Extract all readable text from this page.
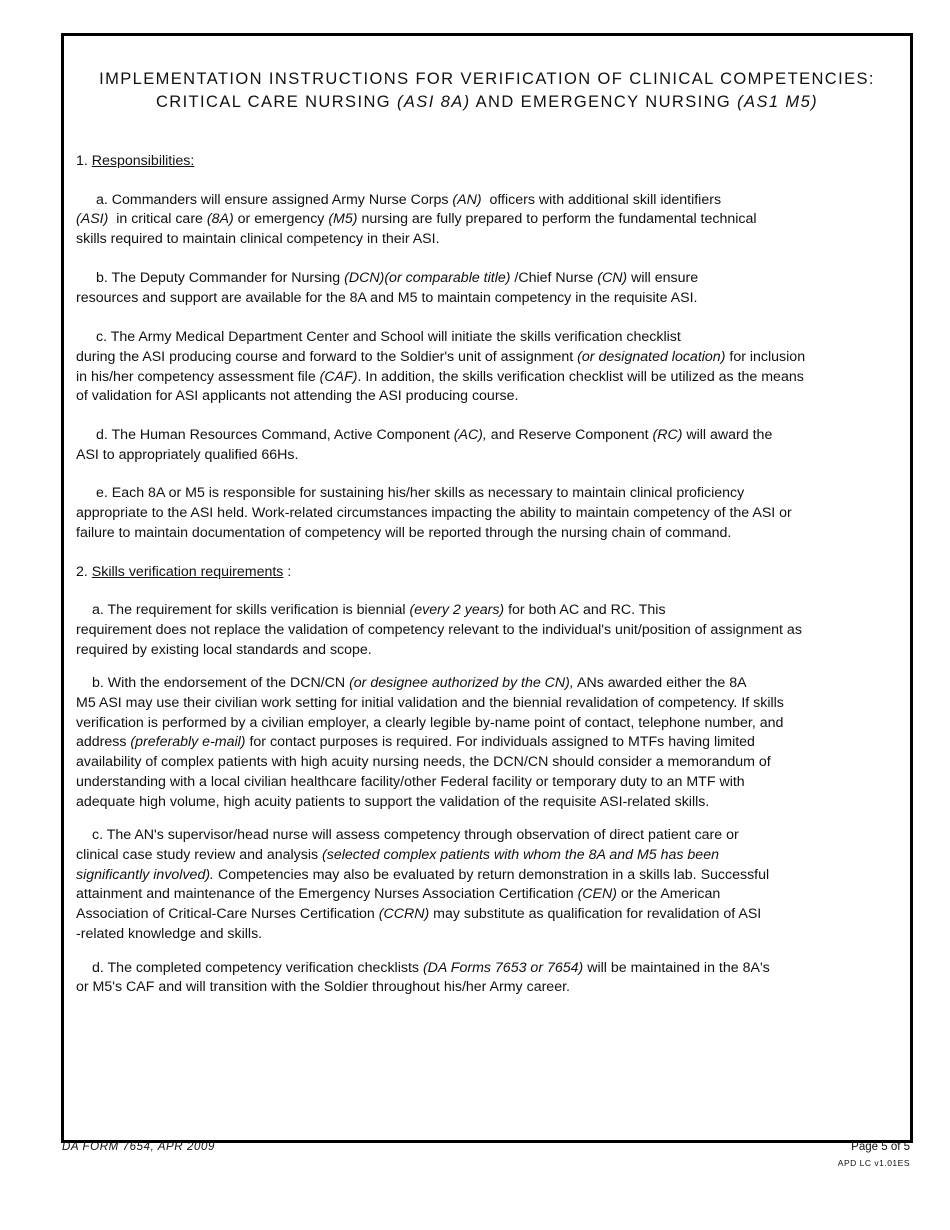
IMPLEMENTATION INSTRUCTIONS FOR VERIFICATION OF CLINICAL COMPETENCIES:
CRITICAL CARE NURSING (ASI 8A) AND EMERGENCY NURSING (AS1 M5)
1. Responsibilities:
a. Commanders will ensure assigned Army Nurse Corps (AN)  officers with additional skill identifiers
(ASI)  in critical care (8A) or emergency (M5) nursing are fully prepared to perform the fundamental technical
skills required to maintain clinical competency in their ASI.
b. The Deputy Commander for Nursing (DCN)(or comparable title) /Chief Nurse (CN) will ensure
resources and support are available for the 8A and M5 to maintain competency in the requisite ASI.
c. The Army Medical Department Center and School will initiate the skills verification checklist
during the ASI producing course and forward to the Soldier's unit of assignment (or designated location) for inclusion
in his/her competency assessment file (CAF). In addition, the skills verification checklist will be utilized as the means
of validation for ASI applicants not attending the ASI producing course.
d. The Human Resources Command, Active Component (AC), and Reserve Component (RC) will award the
ASI to appropriately qualified 66Hs.
e. Each 8A or M5 is responsible for sustaining his/her skills as necessary to maintain clinical proficiency
appropriate to the ASI held. Work-related circumstances impacting the ability to maintain competency of the ASI or
failure to maintain documentation of competency will be reported through the nursing chain of command.
2. Skills verification requirements :
a. The requirement for skills verification is biennial (every 2 years) for both AC and RC. This
requirement does not replace the validation of competency relevant to the individual's unit/position of assignment as
required by existing local standards and scope.
b. With the endorsement of the DCN/CN (or designee authorized by the CN), ANs awarded either the 8A
M5 ASI may use their civilian work setting for initial validation and the biennial revalidation of competency. If skills
verification is performed by a civilian employer, a clearly legible by-name point of contact, telephone number, and
address (preferably e-mail) for contact purposes is required. For individuals assigned to MTFs having limited
availability of complex patients with high acuity nursing needs, the DCN/CN should consider a memorandum of
understanding with a local civilian healthcare facility/other Federal facility or temporary duty to an MTF with
adequate high volume, high acuity patients to support the validation of the requisite ASI-related skills.
c. The AN's supervisor/head nurse will assess competency through observation of direct patient care or
clinical case study review and analysis (selected complex patients with whom the 8A and M5 has been
significantly involved). Competencies may also be evaluated by return demonstration in a skills lab. Successful
attainment and maintenance of the Emergency Nurses Association Certification (CEN) or the American
Association of Critical-Care Nurses Certification (CCRN) may substitute as qualification for revalidation of ASI
-related knowledge and skills.
d. The completed competency verification checklists (DA Forms 7653 or 7654) will be maintained in the 8A's
or M5's CAF and will transition with the Soldier throughout his/her Army career.
DA FORM 7654, APR 2009	Page 5 of 5
APD LC v1.01ES
